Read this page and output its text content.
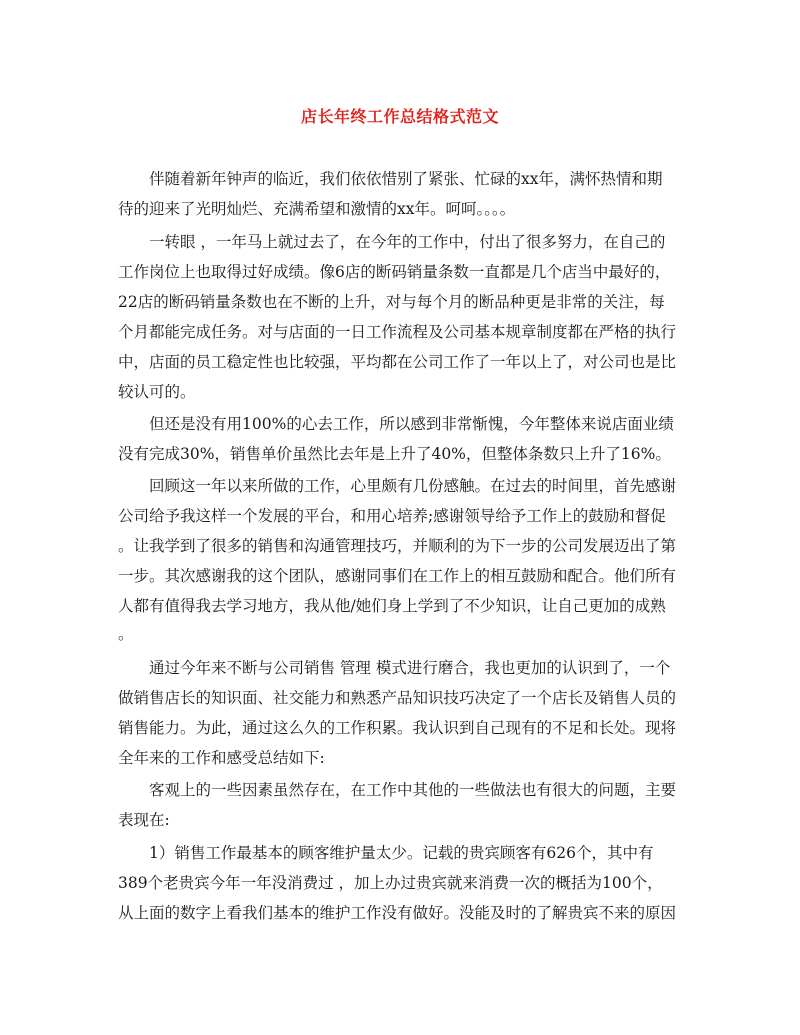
店长年终工作总结格式范文
　　伴随着新年钟声的临近，我们依依惜别了紧张、忙碌的xx年，满怀热情和期
待的迎来了光明灿烂、充满希望和激情的xx年。呵呵。。。。
　　一转眼 ，一年马上就过去了，在今年的工作中，付出了很多努力，在自己的
工作岗位上也取得过好成绩。像6店的断码销量条数一直都是几个店当中最好的，
22店的断码销量条数也在不断的上升，对与每个月的断品种更是非常的关注，每
个月都能完成任务。对与店面的一日工作流程及公司基本规章制度都在严格的执行
中，店面的员工稳定性也比较强，平均都在公司工作了一年以上了，对公司也是比
较认可的。
　　但还是没有用100%的心去工作，所以感到非常惭愧，今年整体来说店面业绩
没有完成30%，销售单价虽然比去年是上升了40%，但整体条数只上升了16%。
　　回顾这一年以来所做的工作，心里颇有几份感触。在过去的时间里，首先感谢
公司给予我这样一个发展的平台，和用心培养;感谢领导给予工作上的鼓励和督促
。让我学到了很多的销售和沟通管理技巧，并顺利的为下一步的公司发展迈出了第
一步。其次感谢我的这个团队，感谢同事们在工作上的相互鼓励和配合。他们所有
人都有值得我去学习地方，我从他/她们身上学到了不少知识，让自己更加的成熟
。
　　通过今年来不断与公司销售 管理 模式进行磨合，我也更加的认识到了，一个
做销售店长的知识面、社交能力和熟悉产品知识技巧决定了一个店长及销售人员的
销售能力。为此，通过这么久的工作积累。我认识到自己现有的不足和长处。现将
全年来的工作和感受总结如下:
　　客观上的一些因素虽然存在，在工作中其他的一些做法也有很大的问题，主要
表现在:
　　1）销售工作最基本的顾客维护量太少。记载的贵宾顾客有626个，其中有
389个老贵宾今年一年没消费过 ，加上办过贵宾就来消费一次的概括为100个，
从上面的数字上看我们基本的维护工作没有做好。没能及时的了解贵宾不来的原因
